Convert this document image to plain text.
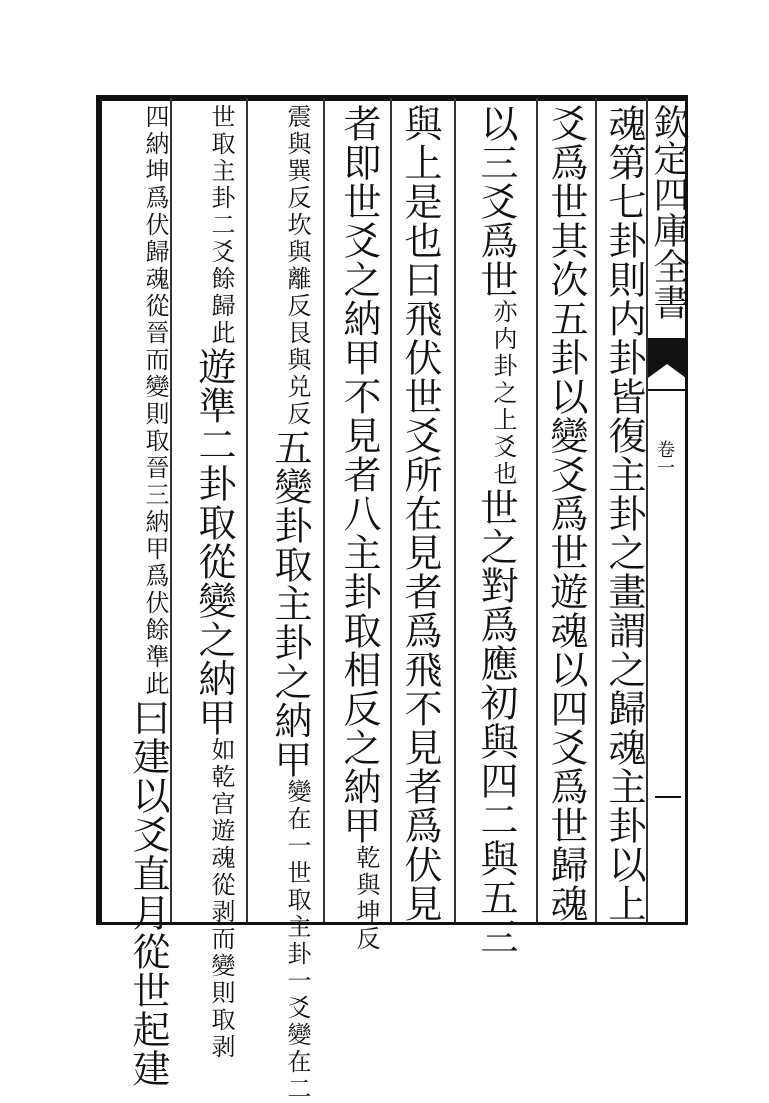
欽定四庫全書
卷一
魂第七卦則内卦皆復主卦之畫謂之歸魂主卦以上
爻爲世其次五卦以變爻爲世遊魂以四爻爲世歸魂
以三爻爲世亦内卦之上爻也世之對爲應初與四二與五三
與上是也曰飛伏世爻所在見者爲飛不見者爲伏見
者即世爻之納甲不見者八主卦取相反之納甲乾與坤反
震與巽反坎與離反艮與兑反五變卦取主卦之納甲變在一世取主卦一爻變在二
世取主卦二爻餘歸此遊準二卦取從變之納甲如乾宫遊魂從剥而變則取剥
四納坤爲伏歸魂從晉而變則取晉三納甲爲伏餘準此曰建以爻直月從世起建
